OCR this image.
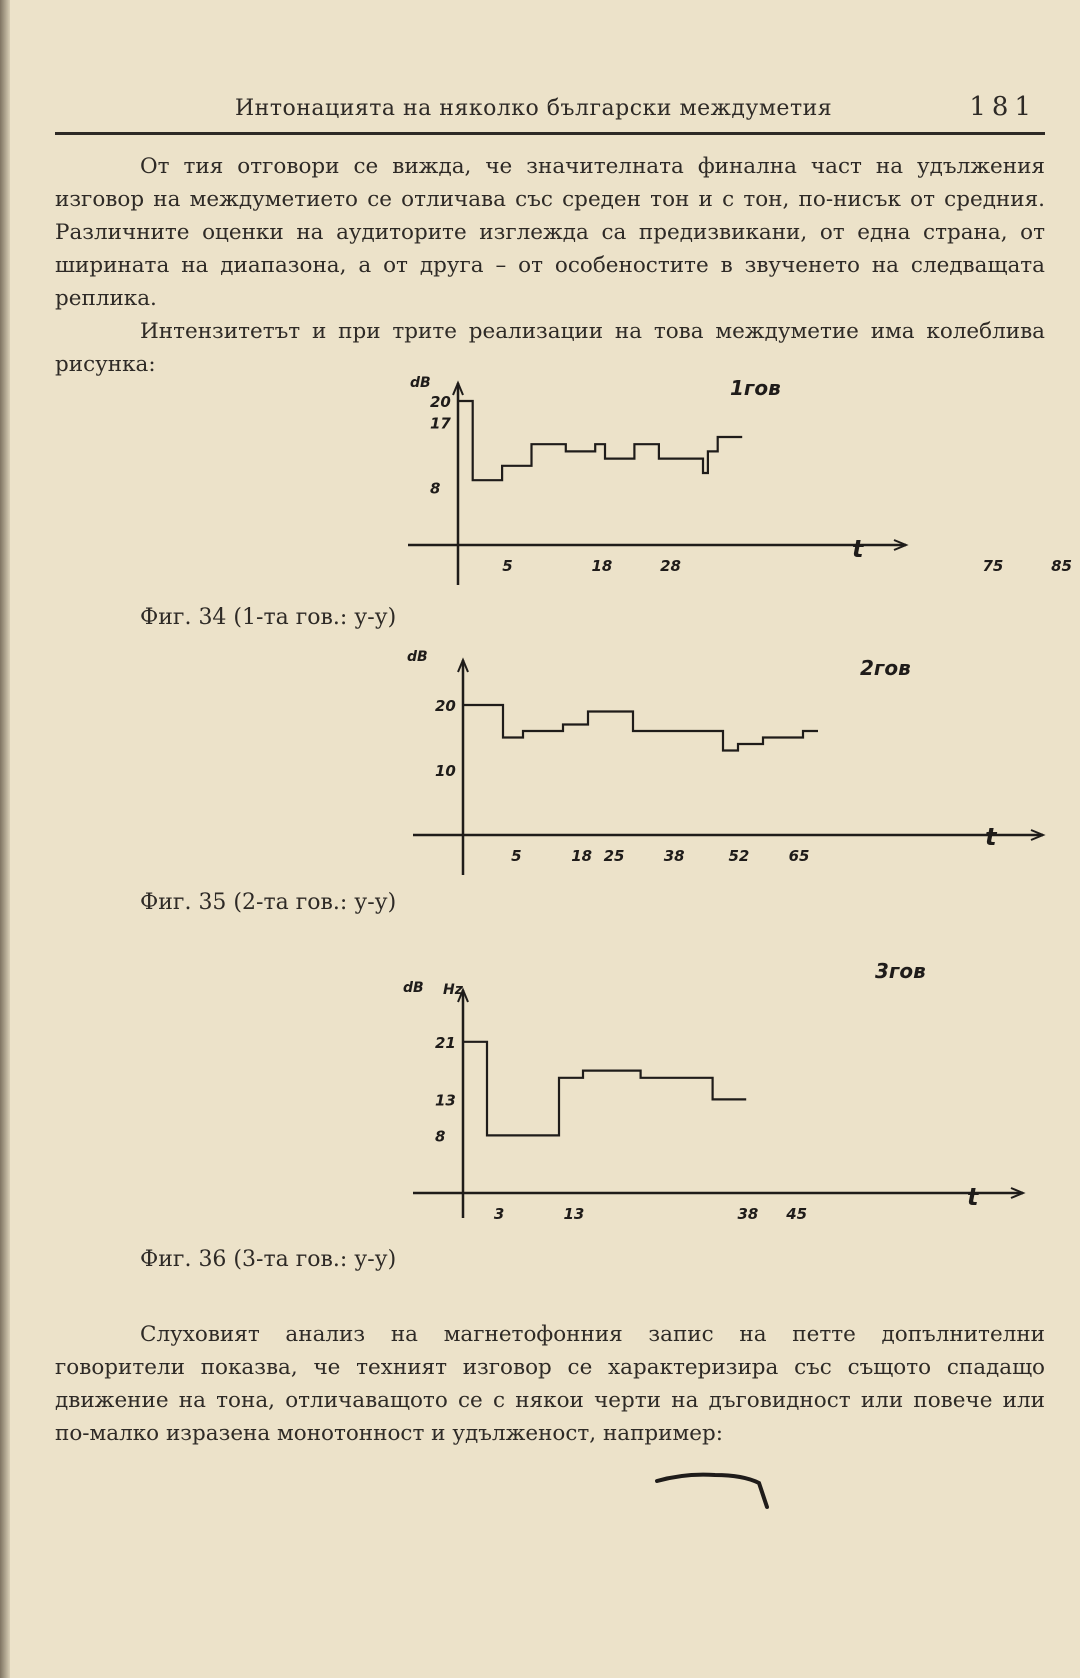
Интонацията на няколко български междуметия	181

От тия отговори се вижда, че значителната финална част на удължения изговор на междуметието се отличава със среден тон и с тон, по-нисък от средния. Различните оценки на аудиторите изглежда са предизвикани, от една страна, от ширината на диапазона, а от друга – от особеностите в звученето на следващата реплика.

Интензитетът и при трите реализации на това междуметие има колеблива рисунка:

20
17
8
5	18	28	75	85
dB
t
1гов
Фиг. 34 (1-та гов.: у-у)
20
10
5	18 25	38	52	65
dB
t
2гов
Фиг. 35 (2-та гов.: у-у)
21
13
8
3	13	38 45
dB Hz
t
3гов
Фиг. 36 (3-та гов.: у-у)

Слуховият анализ на магнетофонния запис на петте допълнителни говорители показва, че техният изговор се характеризира със същото спадащо движение на тона, отличаващото се с някои черти на дъговидност или повече или по-малко изразена монотонност и удълженост, например:
